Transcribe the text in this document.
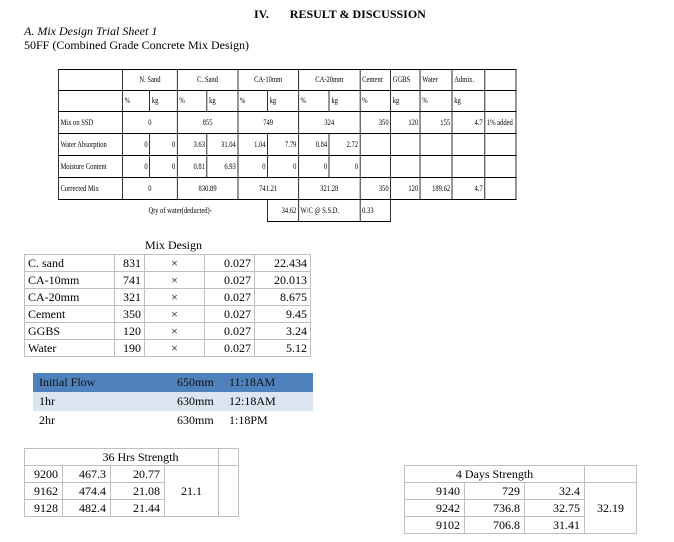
IV.       RESULT & DISCUSSION
A. Mix Design Trial Sheet 1
50FF (Combined Grade Concrete Mix Design)
	N. Sand		C. Sand		CA-10mm		CA-20mm		Cement	GGBS	Water	Admix.	
	%	kg	%	kg	%	kg	%	kg	%	kg	%	kg	
Mix on SSD	0		855		749		324		350	120	155	4.7	1% added
Water Absorption	0	0	3.63	31.04	1.04	7.79	0.84	2.72					
Moisture Content	0	0	0.81	6.93	0	0	0	0					
Corrected Mix	0		830.89		741.21		321.28		350	120	189.62	4.7	
	Qty of water(deducted)-					34.62	W/C @ S.S.D.		0.33				
Mix Design
C. sand	831	×	0.027	22.434
CA-10mm	741	×	0.027	20.013
CA-20mm	321	×	0.027	8.675
Cement	350	×	0.027	9.45
GGBS	120	×	0.027	3.24
Water	190	×	0.027	5.12
Initial Flow	650mm	11:18AM
1hr	630mm	12:18AM
2hr	630mm	1:18PM
	36 Hrs Strength			
9200	467.3	20.77	21.1	
9162	474.4	21.08		
9128	482.4	21.44		
4 Days Strength			
9140	729	32.4	32.19
9242	736.8	32.75	
9102	706.8	31.41	
